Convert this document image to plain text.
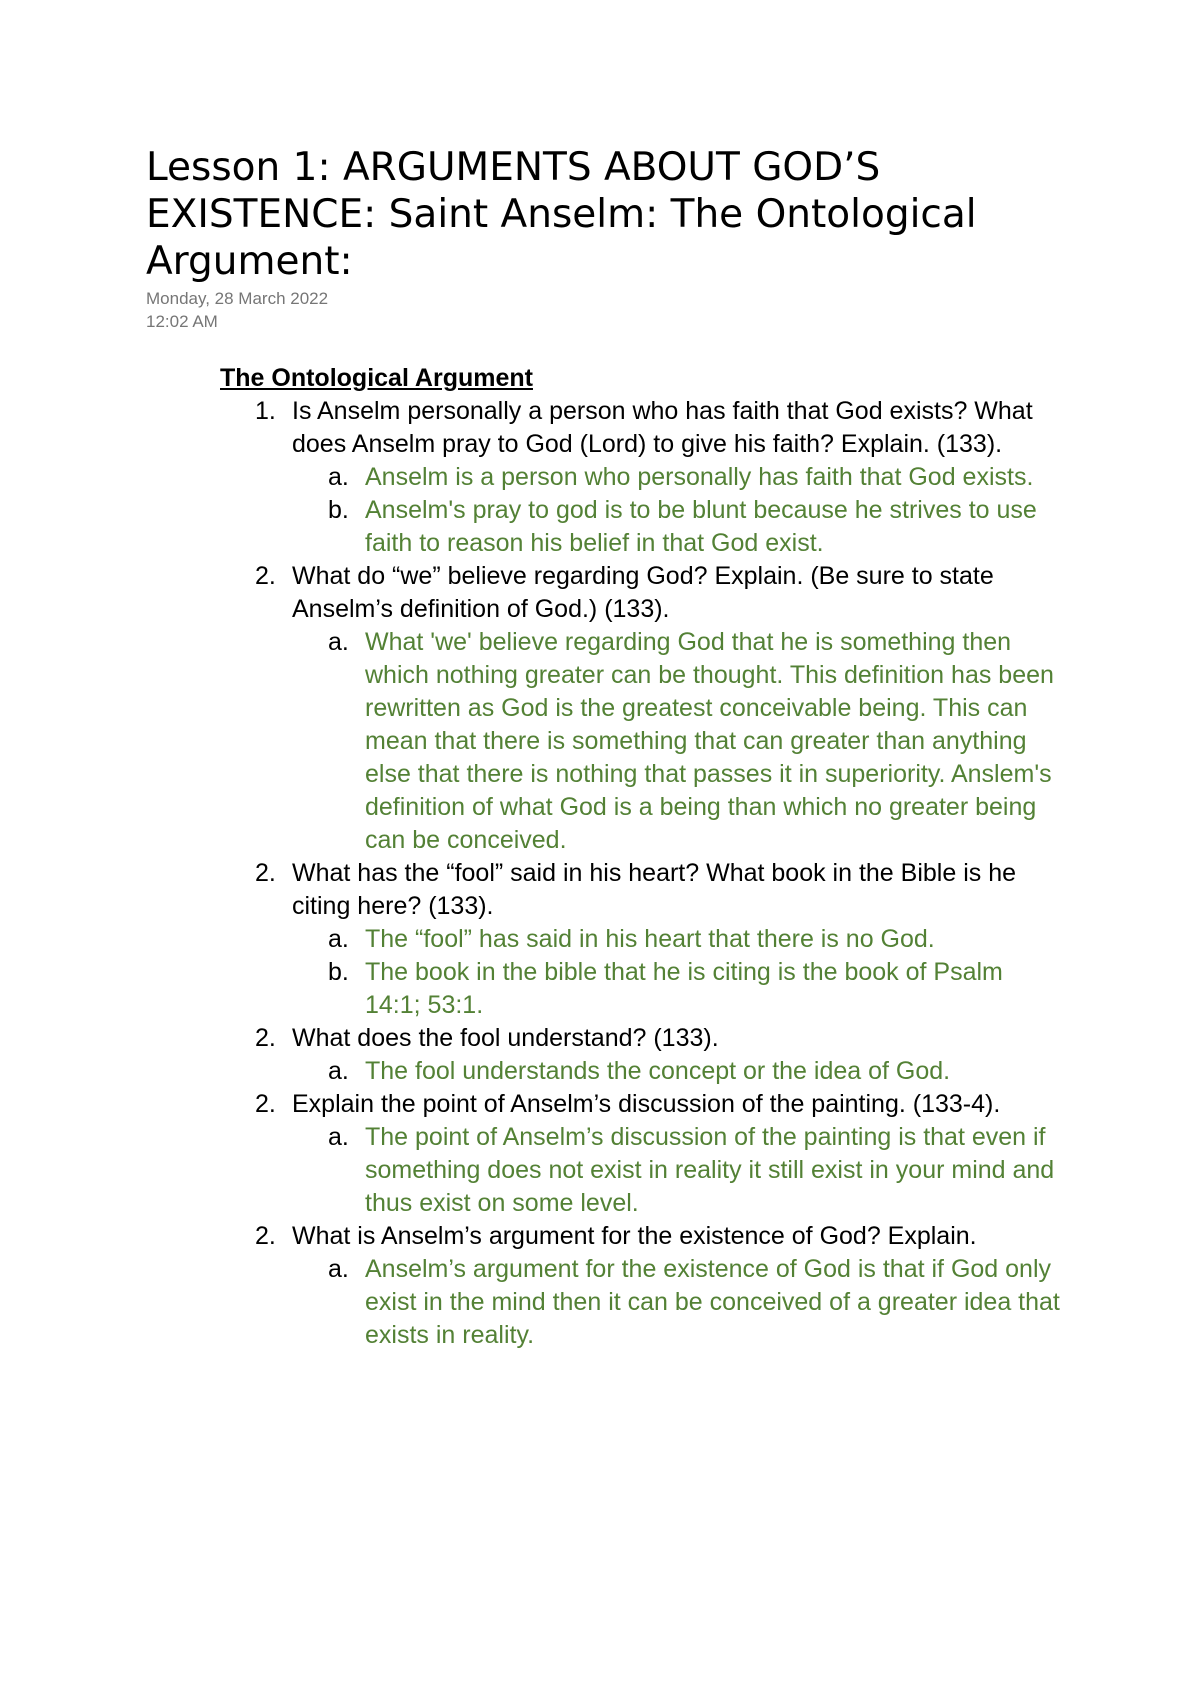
Lesson 1: ARGUMENTS ABOUT GOD’S EXISTENCE: Saint Anselm: The Ontological Argument:
Monday, 28 March 2022
12:02 AM
The Ontological Argument
1. Is Anselm personally a person who has faith that God exists? What does Anselm pray to God (Lord) to give his faith? Explain. (133).
a. Anselm is a person who personally has faith that God exists.
b. Anselm's pray to god is to be blunt because he strives to use faith to reason his belief in that God exist.
2. What do “we” believe regarding God? Explain. (Be sure to state Anselm’s definition of God.) (133).
a. What 'we' believe regarding God that he is something then which nothing greater can be thought. This definition has been rewritten as God is the greatest conceivable being. This can mean that there is something that can greater than anything else that there is nothing that passes it in superiority. Anslem's definition of what God is a being than which no greater being can be conceived.
2. What has the “fool” said in his heart? What book in the Bible is he citing here? (133).
a. The “fool” has said in his heart that there is no God.
b. The book in the bible that he is citing is the book of Psalm 14:1; 53:1.
2. What does the fool understand? (133).
a. The fool understands the concept or the idea of God.
2. Explain the point of Anselm’s discussion of the painting. (133-4).
a. The point of Anselm’s discussion of the painting is that even if something does not exist in reality it still exist in your mind and thus exist on some level.
2. What is Anselm’s argument for the existence of God? Explain.
a. Anselm’s argument for the existence of God is that if God only exist in the mind then it can be conceived of a greater idea that exists in reality.
